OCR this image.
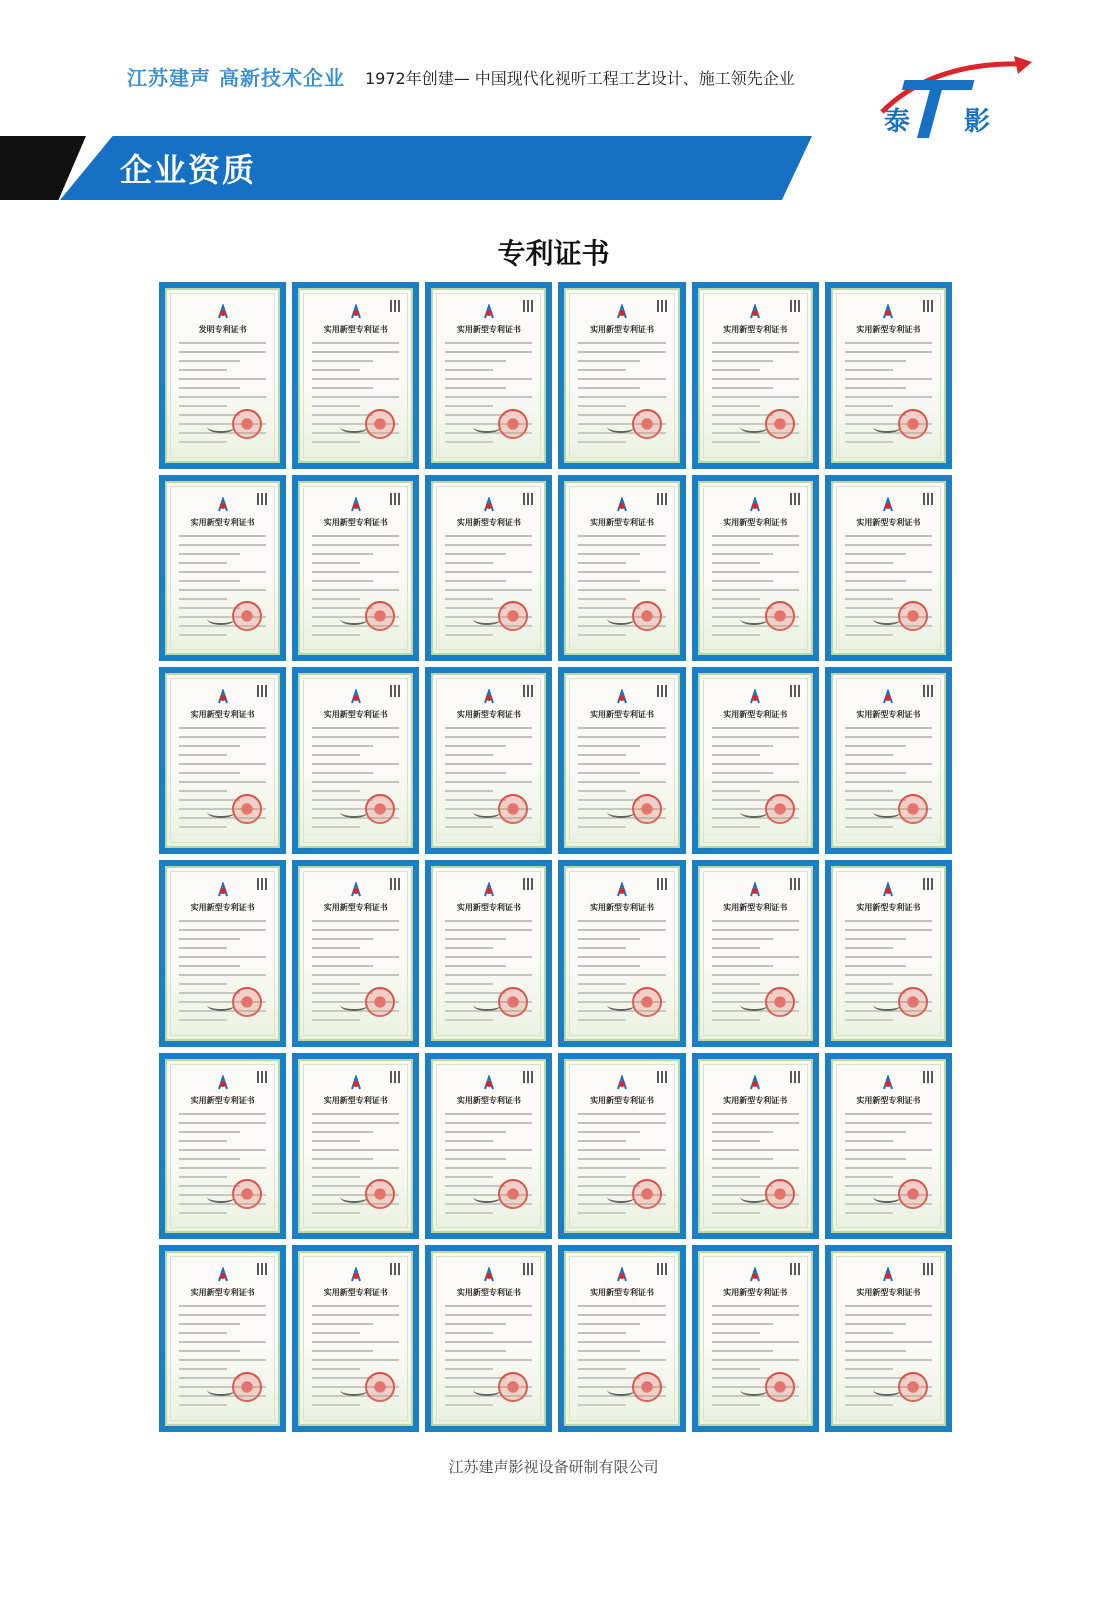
江苏建声 高新技术企业 1972年创建— 中国现代化视听工程工艺设计、施工领先企业
泰 影
企业资质
专利证书
发明专利证书	实用新型专利证书	实用新型专利证书	实用新型专利证书	实用新型专利证书	实用新型专利证书
实用新型专利证书	实用新型专利证书	实用新型专利证书	实用新型专利证书	实用新型专利证书	实用新型专利证书
实用新型专利证书	实用新型专利证书	实用新型专利证书	实用新型专利证书	实用新型专利证书	实用新型专利证书
实用新型专利证书	实用新型专利证书	实用新型专利证书	实用新型专利证书	实用新型专利证书	实用新型专利证书
实用新型专利证书	实用新型专利证书	实用新型专利证书	实用新型专利证书	实用新型专利证书	实用新型专利证书
实用新型专利证书	实用新型专利证书	实用新型专利证书	实用新型专利证书	实用新型专利证书	实用新型专利证书
江苏建声影视设备研制有限公司
